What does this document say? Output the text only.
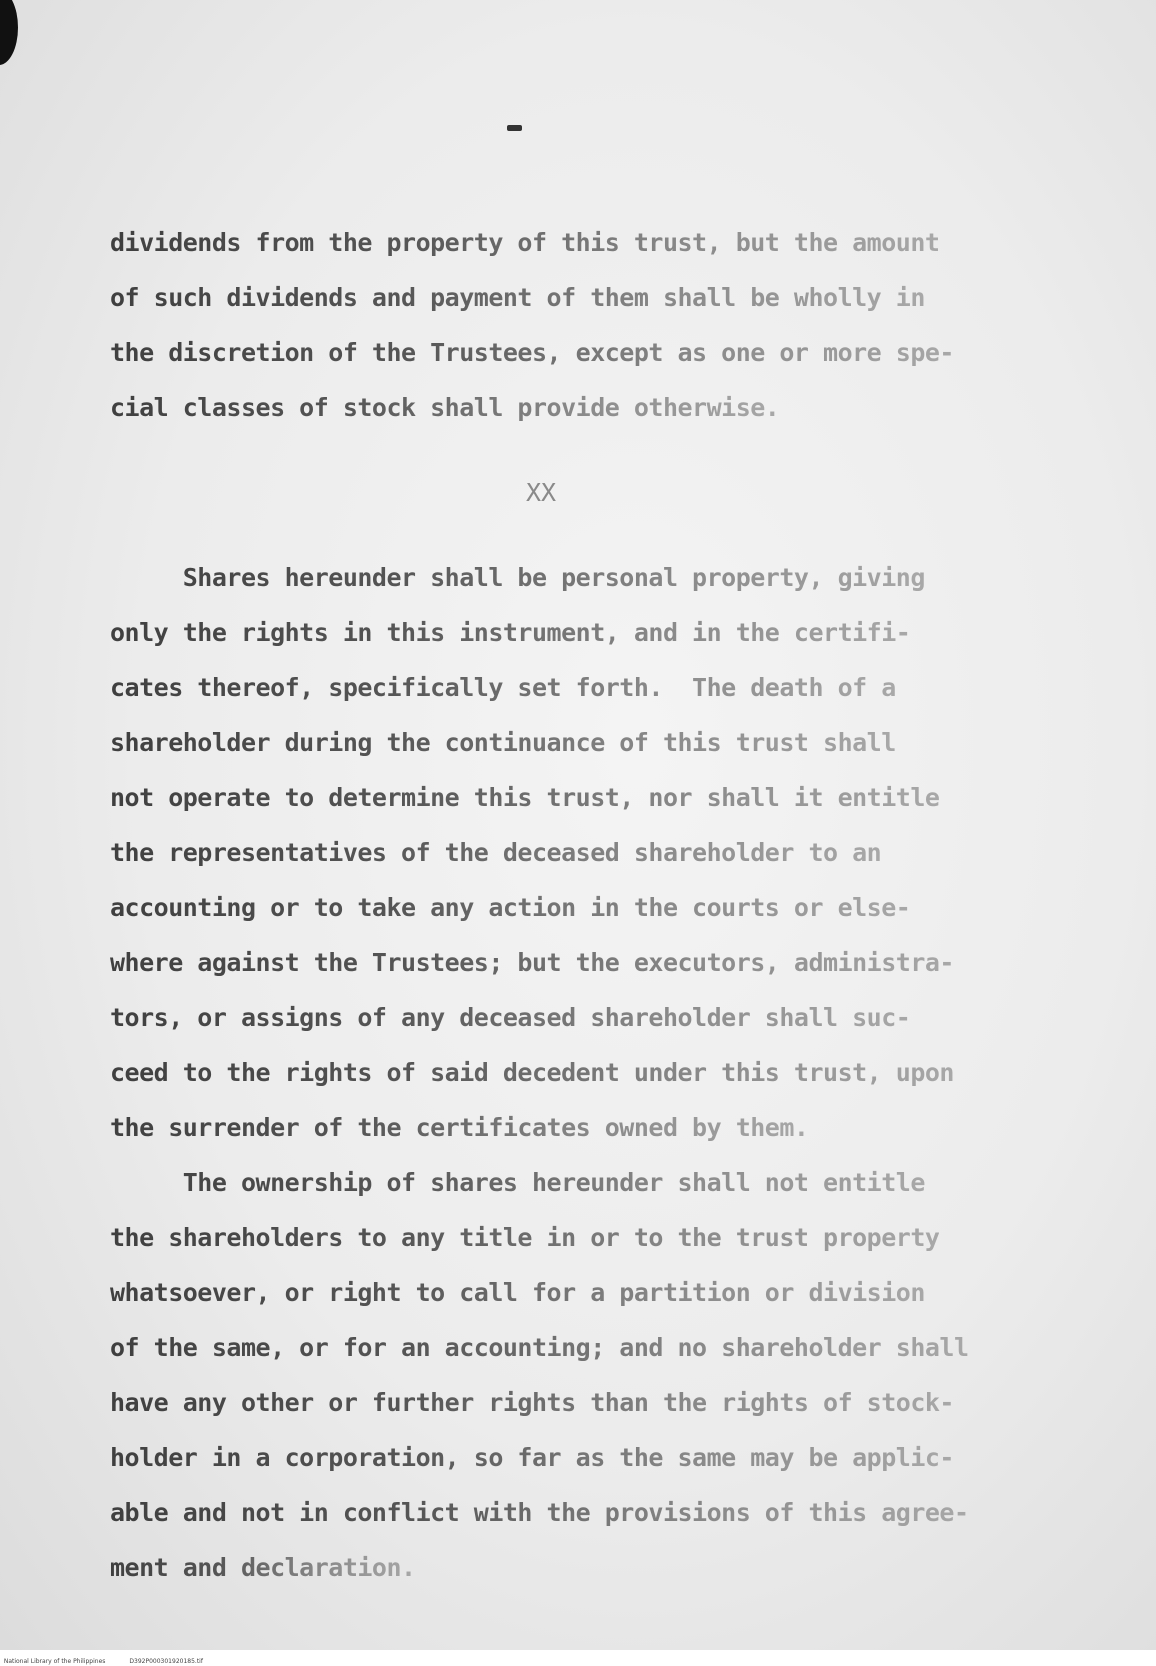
dividends from the property of this trust, but the amount
of such dividends and payment of them shall be wholly in
the discretion of the Trustees, except as one or more spe-
cial classes of stock shall provide otherwise.
XX
Shares hereunder shall be personal property, giving
only the rights in this instrument, and in the certifi-
cates thereof, specifically set forth.  The death of a
shareholder during the continuance of this trust shall
not operate to determine this trust, nor shall it entitle
the representatives of the deceased shareholder to an
accounting or to take any action in the courts or else-
where against the Trustees; but the executors, administra-
tors, or assigns of any deceased shareholder shall suc-
ceed to the rights of said decedent under this trust, upon
the surrender of the certificates owned by them.
The ownership of shares hereunder shall not entitle
the shareholders to any title in or to the trust property
whatsoever, or right to call for a partition or division
of the same, or for an accounting; and no shareholder shall
have any other or further rights than the rights of stock-
holder in a corporation, so far as the same may be applic-
able and not in conflict with the provisions of this agree-
ment and declaration.

National Library of the Philippines	D392P000301920185.tif
